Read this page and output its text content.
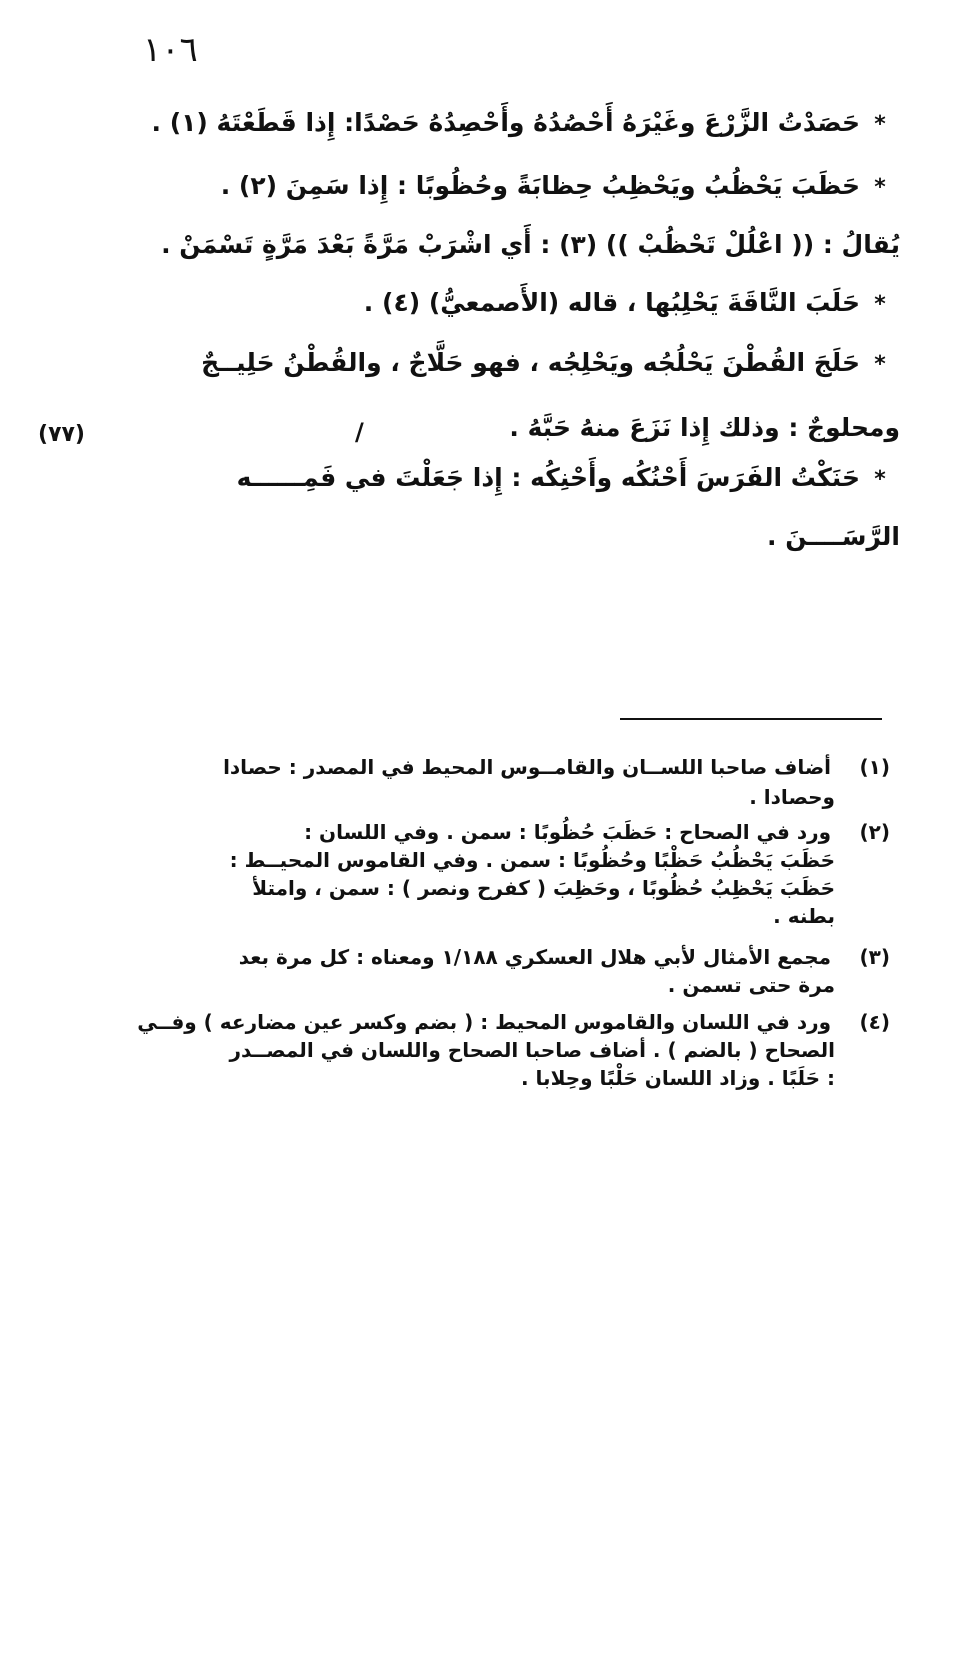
١٠٦
(٧٧)	/
*حَصَدْتُ الزَّرْعَ وغَيْرَهُ أَحْصُدُهُ وأَحْصِدُهُ حَصْدًا: إِذا قَطَعْتَهُ (١) .
*حَظَبَ يَحْظُبُ ويَحْظِبُ حِظابَةً وحُظُوبًا : إِذا سَمِنَ (٢) .
يُقالُ : (( اعْلُلْ تَحْظُبْ )) (٣) : أَي اشْرَبْ مَرَّةً بَعْدَ مَرَّةٍ تَسْمَنْ .
*حَلَبَ النَّاقَةَ يَحْلِبُها ، قاله (الأَصمعيُّ) (٤) .
*حَلَجَ القُطْنَ يَحْلُجُه ويَحْلِجُه ، فهو حَلَّاجٌ ، والقُطْنُ حَلِيــجٌ
ومحلوجٌ : وذلك إِذا نَزَعَ منهُ حَبَّهُ .
*حَنَكْتُ الفَرَسَ أَحْنُكُه وأَحْنِكُه : إِذا جَعَلْتَ في فَمِــــــه
الرَّسَــــنَ .
(١) أضاف صاحبا اللســان والقامــوس المحيط في المصدر : حصادا
وحصادا .
(٢) ورد في الصحاح : حَظَبَ حُظُوبًا : سمن . وفي اللسان :
حَظَبَ يَحْظُبُ حَظْبًا وحُظُوبًا : سمن . وفي القاموس المحيــط :
حَظَبَ يَحْظِبُ حُظُوبًا ، وحَظِبَ ( كفرح ونصر ) : سمن ، وامتلأ
بطنه .
(٣) مجمع الأمثال لأبي هلال العسكري ١/١٨٨ ومعناه : كل مرة بعد
مرة حتى تسمن .
(٤) ورد في اللسان والقاموس المحيط : ( بضم وكسر عين مضارعه ) وفــي
الصحاح ( بالضم ) . أضاف صاحبا الصحاح واللسان في المصــدر
: حَلَبًا . وزاد اللسان حَلْبًا وحِلابا .
